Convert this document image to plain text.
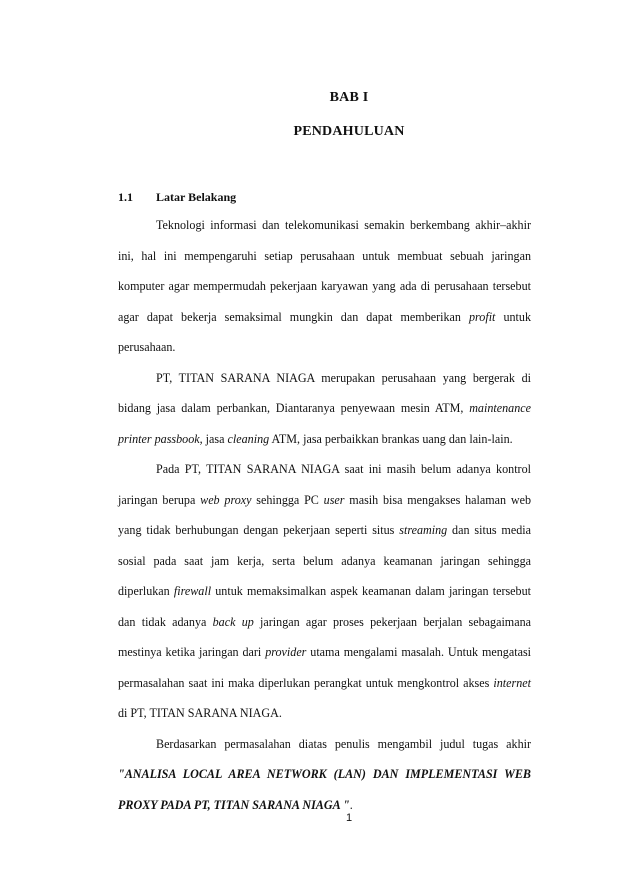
BAB I
PENDAHULUAN
1.1 Latar Belakang

Teknologi informasi dan telekomunikasi semakin berkembang akhir–akhir ini, hal ini mempengaruhi setiap perusahaan untuk membuat sebuah jaringan komputer agar mempermudah pekerjaan karyawan yang ada di perusahaan tersebut agar dapat bekerja semaksimal mungkin dan dapat memberikan profit untuk perusahaan.

PT, TITAN SARANA NIAGA merupakan perusahaan yang bergerak di bidang jasa dalam perbankan, Diantaranya penyewaan mesin ATM, maintenance printer passbook, jasa cleaning ATM, jasa perbaikkan brankas uang dan lain-lain.

Pada PT, TITAN SARANA NIAGA saat ini masih belum adanya kontrol jaringan berupa web proxy sehingga PC user masih bisa mengakses halaman web yang tidak berhubungan dengan pekerjaan seperti situs streaming dan situs media sosial pada saat jam kerja, serta belum adanya keamanan jaringan sehingga diperlukan firewall untuk memaksimalkan aspek keamanan dalam jaringan tersebut dan tidak adanya back up jaringan agar proses pekerjaan berjalan sebagaimana mestinya ketika jaringan dari provider utama mengalami masalah. Untuk mengatasi permasalahan saat ini maka diperlukan perangkat untuk mengkontrol akses internet di PT, TITAN SARANA NIAGA.

Berdasarkan permasalahan diatas penulis mengambil judul tugas akhir "ANALISA LOCAL AREA NETWORK (LAN) DAN IMPLEMENTASI WEB PROXY PADA PT, TITAN SARANA NIAGA ".

1
